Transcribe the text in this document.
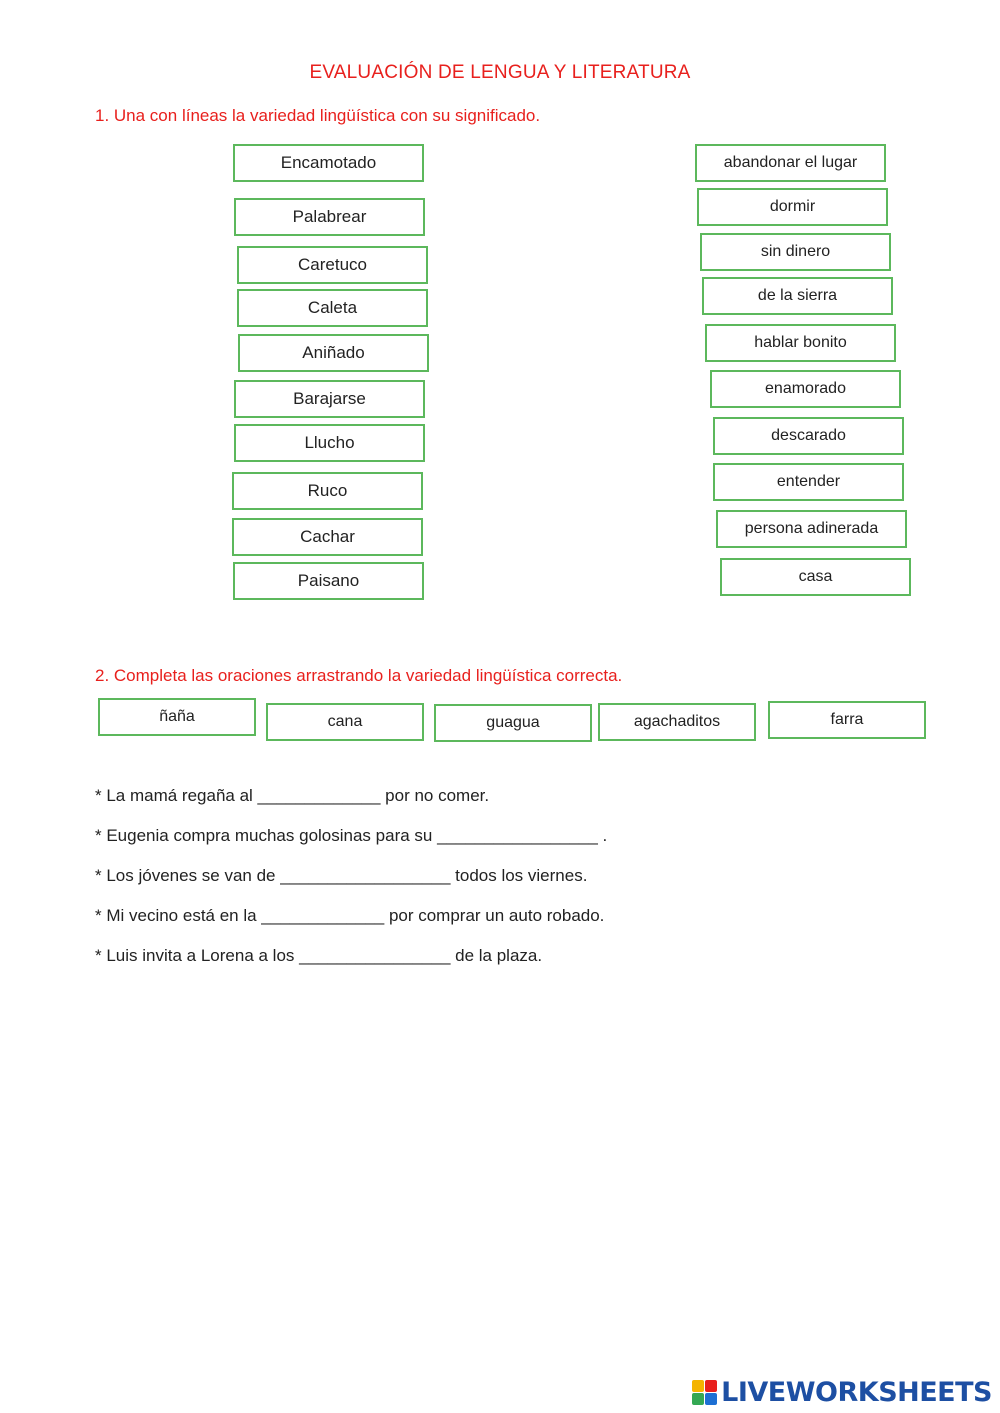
EVALUACIÓN DE LENGUA Y LITERATURA
1. Una con líneas la variedad lingüística con su significado.
Encamotado
Palabrear
Caretuco
Caleta
Aniñado
Barajarse
Llucho
Ruco
Cachar
Paisano
abandonar el lugar
dormir
sin dinero
de la sierra
hablar bonito
enamorado
descarado
entender
persona adinerada
casa
2. Completa las oraciones arrastrando la variedad lingüística correcta.
ñaña	cana	guagua	agachaditos	farra
* La mamá regaña al _____________ por no comer.
* Eugenia compra muchas golosinas para su _________________ .
* Los jóvenes se van de __________________ todos los viernes.
* Mi vecino está en la _____________ por comprar un auto robado.
* Luis invita a Lorena a los ________________ de la plaza.
LIVEWORKSHEETS
